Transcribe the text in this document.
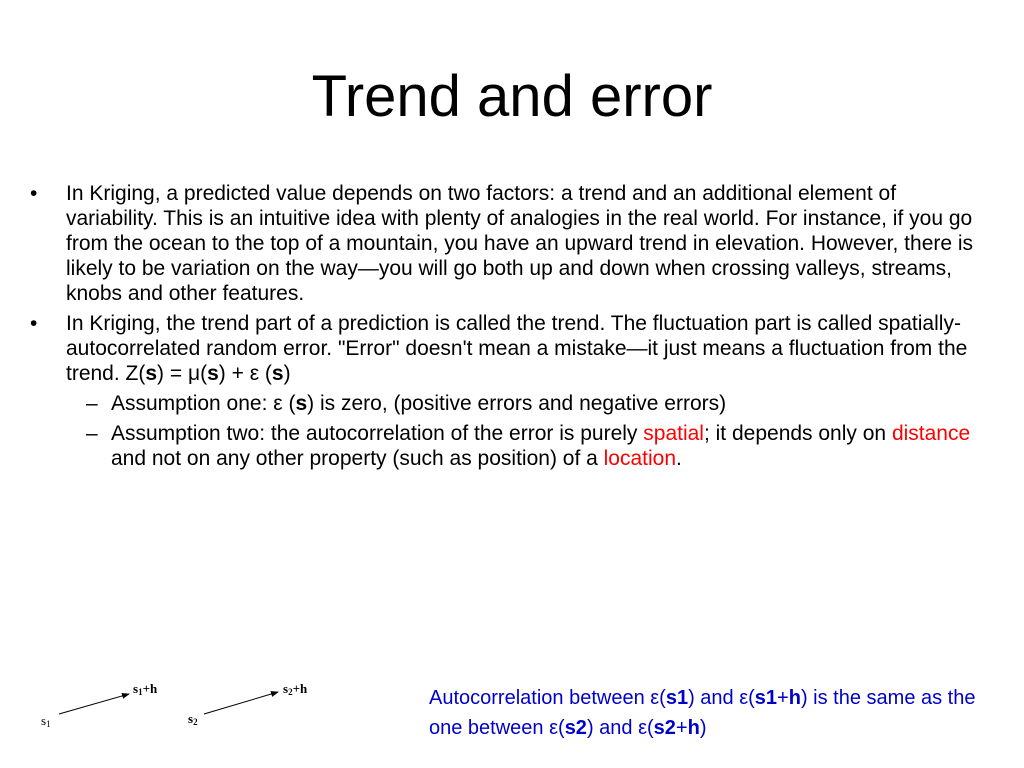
Trend and error
• In Kriging, a predicted value depends on two factors: a trend and an additional element of variability. This is an intuitive idea with plenty of analogies in the real world. For instance, if you go from the ocean to the top of a mountain, you have an upward trend in elevation. However, there is likely to be variation on the way—you will go both up and down when crossing valleys, streams, knobs and other features.
• In Kriging, the trend part of a prediction is called the trend. The fluctuation part is called spatially-autocorrelated random error. "Error" doesn't mean a mistake—it just means a fluctuation from the trend. Z(s) = μ(s) + ε (s)
– Assumption one: ε (s) is zero, (positive errors and negative errors)
– Assumption two: the autocorrelation of the error is purely spatial; it depends only on distance and not on any other property (such as position) of a location.
s1
s1+h
s2
s2+h	Autocorrelation between ε(s1) and ε(s1+h) is the same as the one between ε(s2) and ε(s2+h)
